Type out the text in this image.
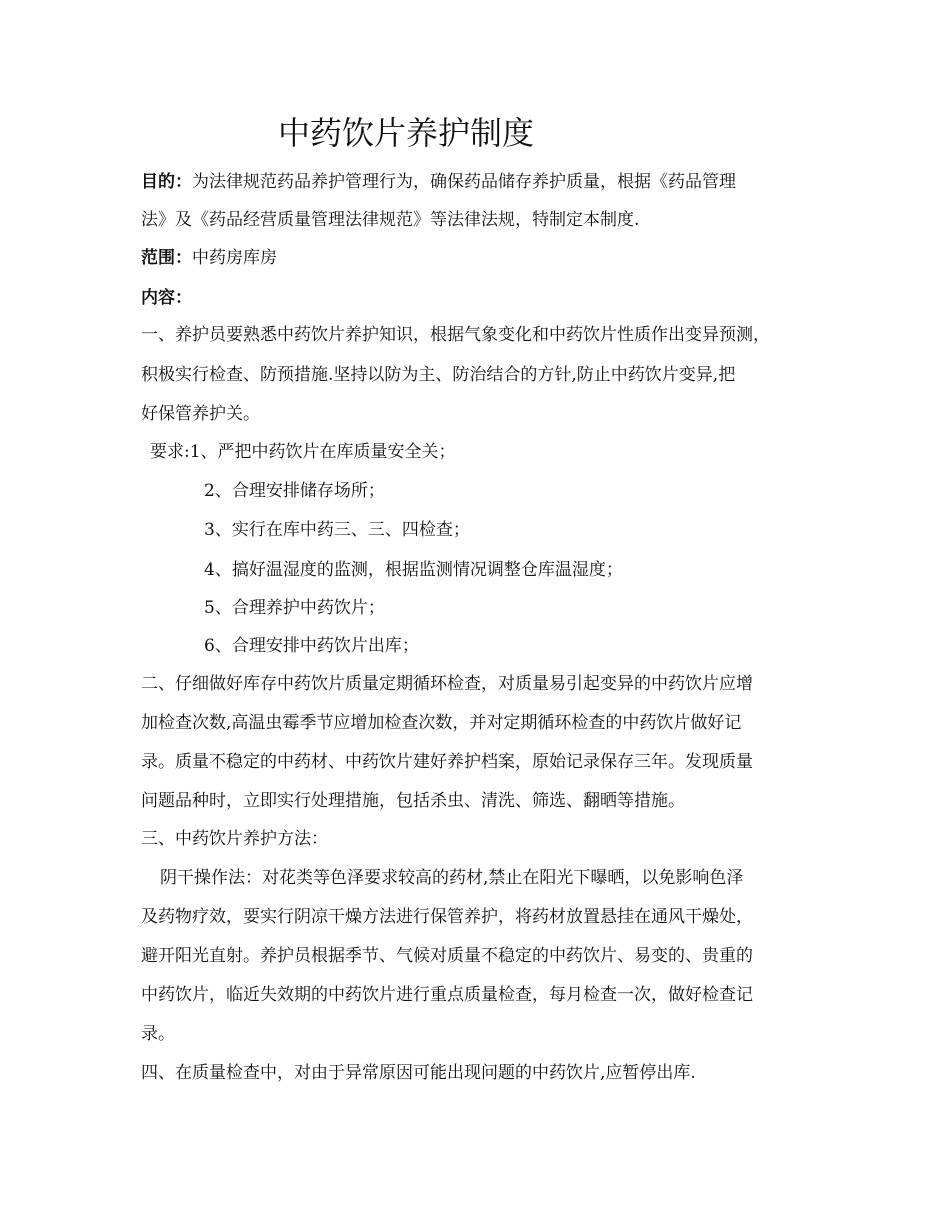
中药饮片养护制度
目的：为法律规范药品养护管理行为，确保药品储存养护质量，根据《药品管理
法》及《药品经营质量管理法律规范》等法律法规，特制定本制度.
范围：中药房库房
内容：
一、养护员要熟悉中药饮片养护知识，根据气象变化和中药饮片性质作出变异预测，
积极实行检查、防预措施.坚持以防为主、防治结合的方针,防止中药饮片变异,把
好保管养护关。
要求:1、严把中药饮片在库质量安全关；
2、合理安排储存场所；
3、实行在库中药三、三、四检查；
4、搞好温湿度的监测，根据监测情况调整仓库温湿度；
5、合理养护中药饮片；
6、合理安排中药饮片出库；
二、仔细做好库存中药饮片质量定期循环检查，对质量易引起变异的中药饮片应增
加检查次数,高温虫霉季节应增加检查次数，并对定期循环检查的中药饮片做好记
录。质量不稳定的中药材、中药饮片建好养护档案，原始记录保存三年。发现质量
问题品种时，立即实行处理措施，包括杀虫、清洗、筛选、翻晒等措施。
三、中药饮片养护方法：
阴干操作法：对花类等色泽要求较高的药材,禁止在阳光下曝晒，以免影响色泽
及药物疗效，要实行阴凉干燥方法进行保管养护，将药材放置悬挂在通风干燥处，
避开阳光直射。养护员根据季节、气候对质量不稳定的中药饮片、易变的、贵重的
中药饮片，临近失效期的中药饮片进行重点质量检查，每月检查一次，做好检查记
录。
四、在质量检查中，对由于异常原因可能出现问题的中药饮片,应暂停出库.
